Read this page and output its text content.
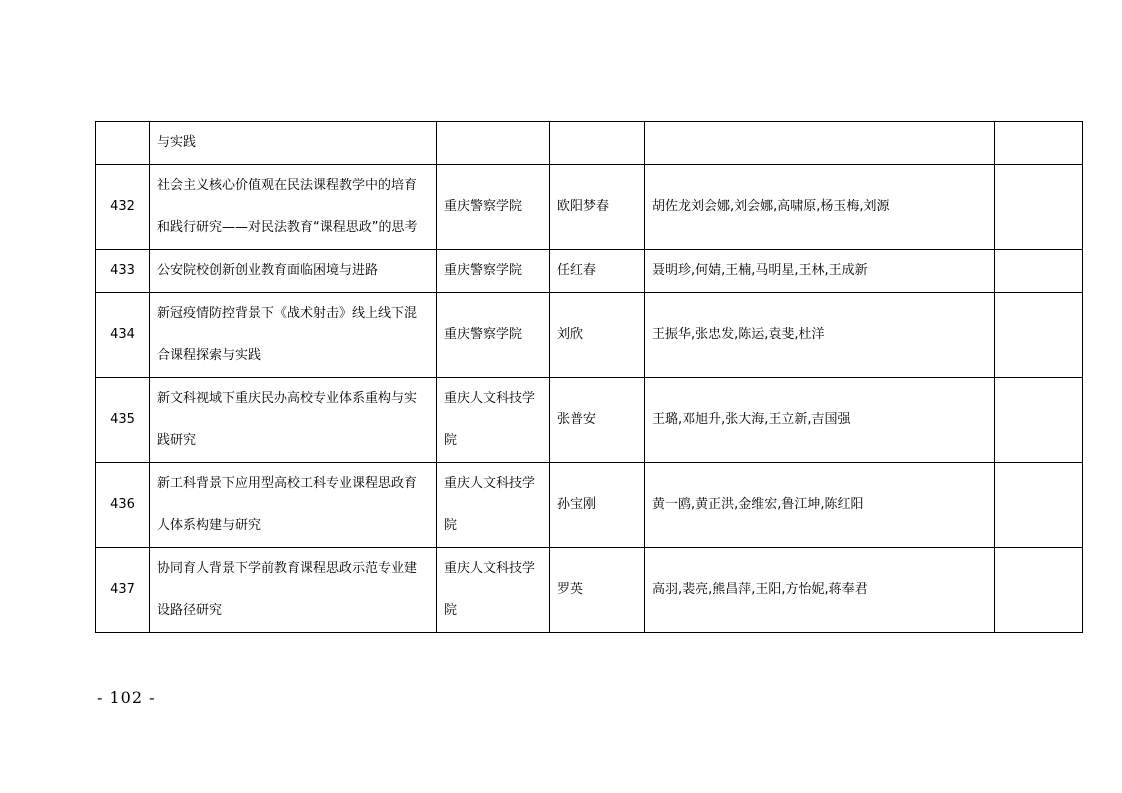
	与实践				
432	社会主义核心价值观在民法课程教学中的培育和践行研究——对民法教育“课程思政”的思考	重庆警察学院	欧阳梦春	胡佐龙刘会娜,刘会娜,高啸原,杨玉梅,刘源	
433	公安院校创新创业教育面临困境与进路	重庆警察学院	任红春	聂明珍,何婧,王楠,马明星,王林,王成新	
434	新冠疫情防控背景下《战术射击》线上线下混合课程探索与实践	重庆警察学院	刘欣	王振华,张忠发,陈运,袁斐,杜洋	
435	新文科视域下重庆民办高校专业体系重构与实践研究	重庆人文科技学院	张普安	王璐,邓旭升,张大海,王立新,吉国强	
436	新工科背景下应用型高校工科专业课程思政育人体系构建与研究	重庆人文科技学院	孙宝刚	黄一鸥,黄正洪,金维宏,鲁江坤,陈红阳	
437	协同育人背景下学前教育课程思政示范专业建设路径研究	重庆人文科技学院	罗英	高羽,裴亮,熊昌萍,王阳,方怡妮,蒋奉君	
- 102 -
